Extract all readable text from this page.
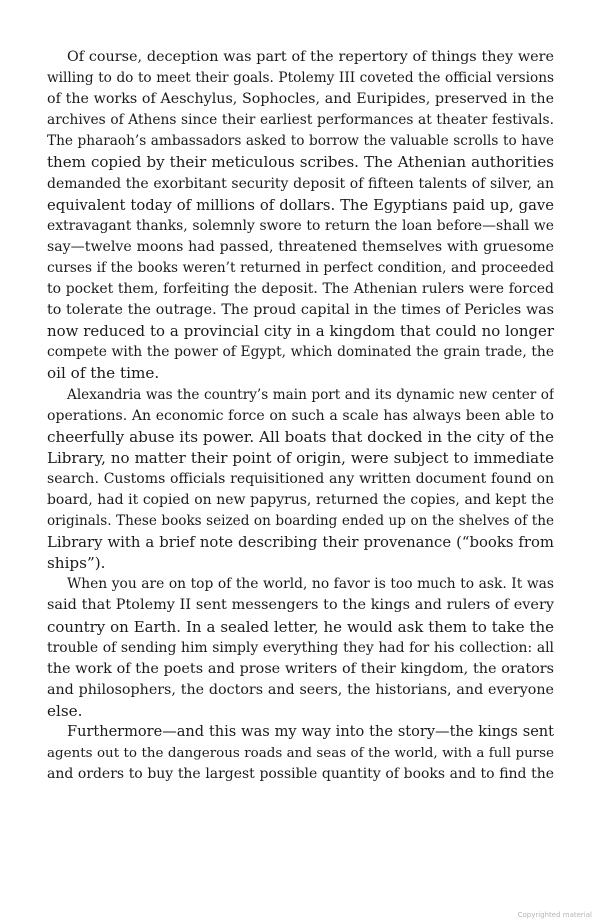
Of course, deception was part of the repertory of things they were
willing to do to meet their goals. Ptolemy III coveted the official versions
of the works of Aeschylus, Sophocles, and Euripides, preserved in the
archives of Athens since their earliest performances at theater festivals.
The pharaoh’s ambassadors asked to borrow the valuable scrolls to have
them copied by their meticulous scribes. The Athenian authorities
demanded the exorbitant security deposit of fifteen talents of silver, an
equivalent today of millions of dollars. The Egyptians paid up, gave
extravagant thanks, solemnly swore to return the loan before—shall we
say—twelve moons had passed, threatened themselves with gruesome
curses if the books weren’t returned in perfect condition, and proceeded
to pocket them, forfeiting the deposit. The Athenian rulers were forced
to tolerate the outrage. The proud capital in the times of Pericles was
now reduced to a provincial city in a kingdom that could no longer
compete with the power of Egypt, which dominated the grain trade, the
oil of the time.
Alexandria was the country’s main port and its dynamic new center of
operations. An economic force on such a scale has always been able to
cheerfully abuse its power. All boats that docked in the city of the
Library, no matter their point of origin, were subject to immediate
search. Customs officials requisitioned any written document found on
board, had it copied on new papyrus, returned the copies, and kept the
originals. These books seized on boarding ended up on the shelves of the
Library with a brief note describing their provenance (“books from
ships”).
When you are on top of the world, no favor is too much to ask. It was
said that Ptolemy II sent messengers to the kings and rulers of every
country on Earth. In a sealed letter, he would ask them to take the
trouble of sending him simply everything they had for his collection: all
the work of the poets and prose writers of their kingdom, the orators
and philosophers, the doctors and seers, the historians, and everyone
else.
Furthermore—and this was my way into the story—the kings sent
agents out to the dangerous roads and seas of the world, with a full purse
and orders to buy the largest possible quantity of books and to find the
Copyrighted material
